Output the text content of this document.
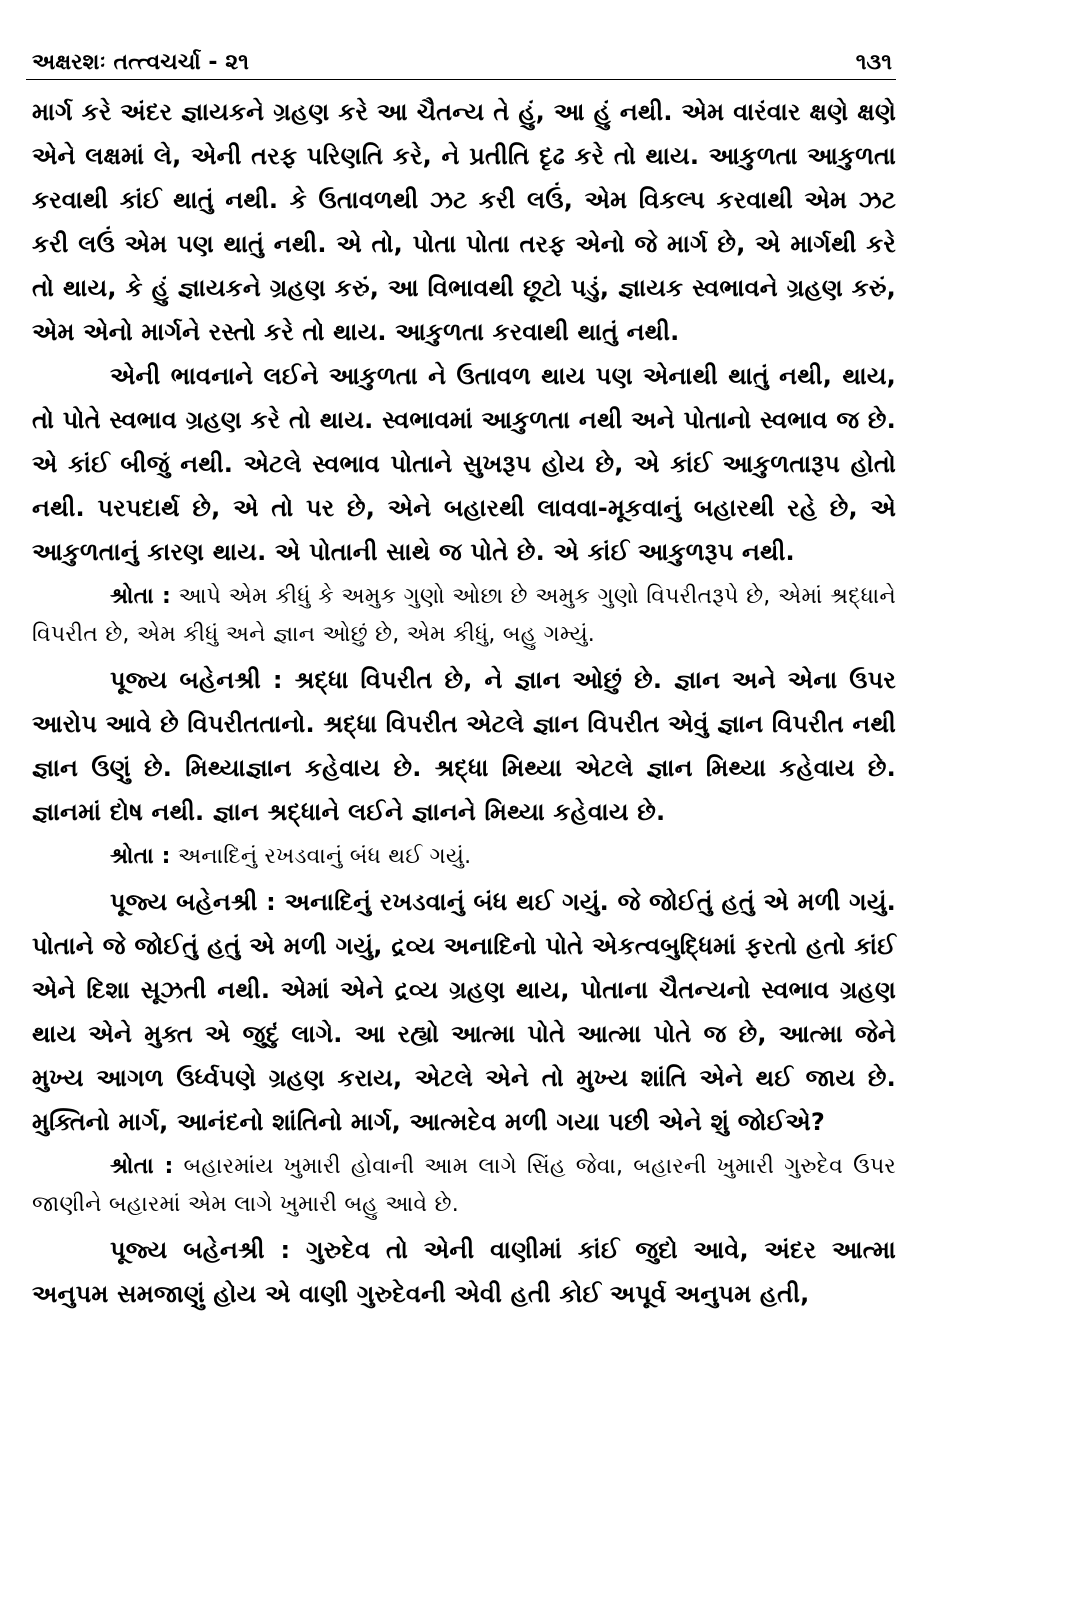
અક્ષરશઃ તત્ત્વચર્ચા - ૨૧	૧૩૧

માર્ગ કરે અંદર જ્ઞાયકને ગ્રહણ કરે આ ચૈતન્ય તે હું, આ હું નથી. એમ વારંવાર ક્ષણે ક્ષણે એને લક્ષમાં લે, એની તરફ પરિણતિ કરે, ને પ્રતીતિ દૃઢ કરે તો થાય. આકુળતા આકુળતા કરવાથી કાંઈ થાતું નથી. કે ઉતાવળથી ઝટ કરી લઉં, એમ વિકલ્પ કરવાથી એમ ઝટ કરી લઉં એમ પણ થાતું નથી. એ તો, પોતા પોતા તરફ એનો જે માર્ગ છે, એ માર્ગથી કરે તો થાય, કે હું જ્ઞાયકને ગ્રહણ કરું, આ વિભાવથી છૂટો પડું, જ્ઞાયક સ્વભાવને ગ્રહણ કરું, એમ એનો માર્ગને રસ્તો કરે તો થાય. આકુળતા કરવાથી થાતું નથી.

એની ભાવનાને લઈને આકુળતા ને ઉતાવળ થાય પણ એનાથી થાતું નથી, થાય, તો પોતે સ્વભાવ ગ્રહણ કરે તો થાય. સ્વભાવમાં આકુળતા નથી અને પોતાનો સ્વભાવ જ છે. એ કાંઈ બીજું નથી. એટલે સ્વભાવ પોતાને સુખરૂપ હોય છે, એ કાંઈ આકુળતારૂપ હોતો નથી. પરપદાર્થ છે, એ તો પર છે, એને બહારથી લાવવા-મૂકવાનું બહારથી રહે છે, એ આકુળતાનું કારણ થાય. એ પોતાની સાથે જ પોતે છે. એ કાંઈ આકુળરૂપ નથી.

શ્રોતા : આપે એમ કીધું કે અમુક ગુણો ઓછા છે અમુક ગુણો વિપરીતરૂપે છે, એમાં શ્રદ્ધાને વિપરીત છે, એમ કીધું અને જ્ઞાન ઓછું છે, એમ કીધું, બહુ ગમ્યું.

પૂજ્ય બહેનશ્રી : શ્રદ્ધા વિપરીત છે, ને જ્ઞાન ઓછું છે. જ્ઞાન અને એના ઉપર આરોપ આવે છે વિપરીતતાનો. શ્રદ્ધા વિપરીત એટલે જ્ઞાન વિપરીત એવું જ્ઞાન વિપરીત નથી જ્ઞાન ઉણું છે. મિથ્યાજ્ઞાન કહેવાય છે. શ્રદ્ધા મિથ્યા એટલે જ્ઞાન મિથ્યા કહેવાય છે. જ્ઞાનમાં દોષ નથી. જ્ઞાન શ્રદ્ધાને લઈને જ્ઞાનને મિથ્યા કહેવાય છે.

શ્રોતા : અનાદિનું રખડવાનું બંધ થઈ ગયું.

પૂજ્ય બહેનશ્રી : અનાદિનું રખડવાનું બંધ થઈ ગયું. જે જોઈતું હતું એ મળી ગયું. પોતાને જે જોઈતું હતું એ મળી ગયું, દ્રવ્ય અનાદિનો પોતે એકત્વબુદ્ધિમાં ફરતો હતો કાંઈ એને દિશા સૂઝતી નથી. એમાં એને દ્રવ્ય ગ્રહણ થાય, પોતાના ચૈતન્યનો સ્વભાવ ગ્રહણ થાય એને મુક્ત એ જુદું લાગે. આ રહ્યો આત્મા પોતે આત્મા પોતે જ છે, આત્મા જેને મુખ્ય આગળ ઉર્ધ્વપણે ગ્રહણ કરાય, એટલે એને તો મુખ્ય શાંતિ એને થઈ જાય છે. મુક્તિનો માર્ગ, આનંદનો શાંતિનો માર્ગ, આત્મદેવ મળી ગયા પછી એને શું જોઈએ?

શ્રોતા : બહારમાંય ખુમારી હોવાની આમ લાગે સિંહ જેવા, બહારની ખુમારી ગુરુદેવ ઉપર જાણીને બહારમાં એમ લાગે ખુમારી બહુ આવે છે.

પૂજ્ય બહેનશ્રી : ગુરુદેવ તો એની વાણીમાં કાંઈ જુદો આવે, અંદર આત્મા અનુપમ સમજાણું હોય એ વાણી ગુરુદેવની એવી હતી કોઈ અપૂર્વ અનુપમ હતી,
